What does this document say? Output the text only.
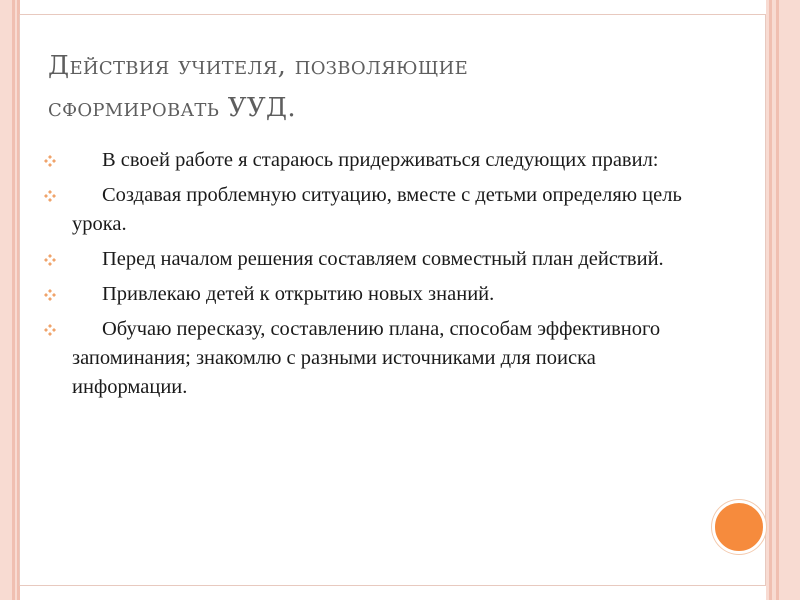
Действия учителя, позволяющие
сформировать УУД.
В своей работе я стараюсь придерживаться следующих правил:
Создавая проблемную ситуацию, вместе с детьми определяю цель урока.
Перед началом решения составляем совместный план действий.
Привлекаю детей к открытию новых знаний.
Обучаю пересказу, составлению плана, способам эффективного запоминания; знакомлю с разными источниками для поиска информации.
